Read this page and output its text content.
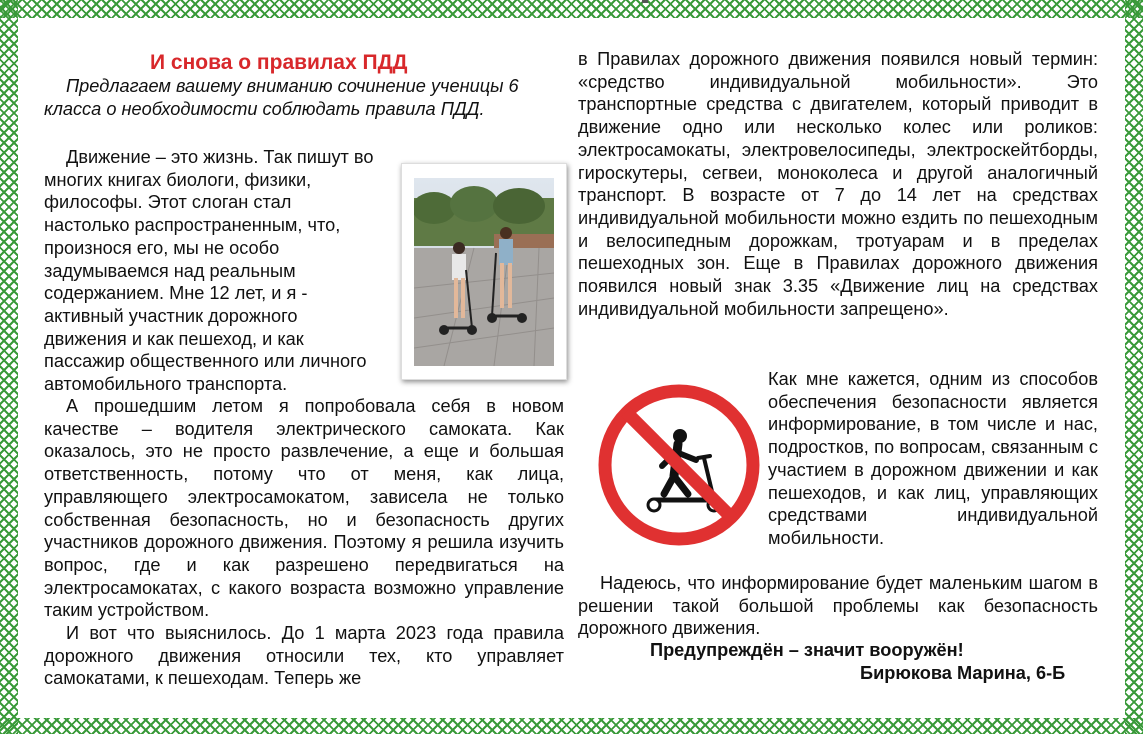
И снова о правилах ПДД

Предлагаем вашему вниманию сочинение ученицы 6 класса о необходимости соблюдать правила ПДД.

Движение – это жизнь. Так пишут во многих книгах биологи, физики, философы. Этот слоган стал настолько распространенным, что, произнося его, мы не особо задумываемся над реальным содержанием. Мне 12 лет, и я - активный участник дорожного движения и как пешеход, и как пассажир общественного или личного автомобильного транспорта.

А прошедшим летом я попробовала себя в новом качестве – водителя электрического самоката. Как оказалось, это не просто развлечение, а еще и большая ответственность, потому что от меня, как лица, управляющего электросамокатом, зависела не только собственная безопасность, но и безопасность других участников дорожного движения. Поэтому я решила изучить вопрос, где и как разрешено передвигаться на электросамокатах, с какого возраста возможно управление таким устройством.

И вот что выяснилось. До 1 марта 2023 года правила дорожного движения относили тех, кто управляет самокатами, к пешеходам. Теперь же

в Правилах дорожного движения появился новый термин: «средство индивидуальной мобильности». Это транспортные средства с двигателем, который приводит в движение одно или несколько колес или роликов: электросамокаты, электровелосипеды, электроскейтборды, гироскутеры, сегвеи, моноколеса и другой аналогичный транспорт. В возрасте от 7 до 14 лет на средствах индивидуальной мобильности можно ездить по пешеходным и велосипедным дорожкам, тротуарам и в пределах пешеходных зон. Еще в Правилах дорожного движения появился новый знак 3.35 «Движение лиц на средствах индивидуальной мобильности запрещено».

Как мне кажется, одним из способов обеспечения безопасности является информирование, в том числе и нас, подростков, по вопросам, связанным с участием в дорожном движении и как пешеходов, и как лиц, управляющих средствами индивидуальной мобильности.

Надеюсь, что информирование будет маленьким шагом в решении такой большой проблемы как безопасность дорожного движения.

Предупреждён – значит вооружён!
Бирюкова Марина, 6-Б
